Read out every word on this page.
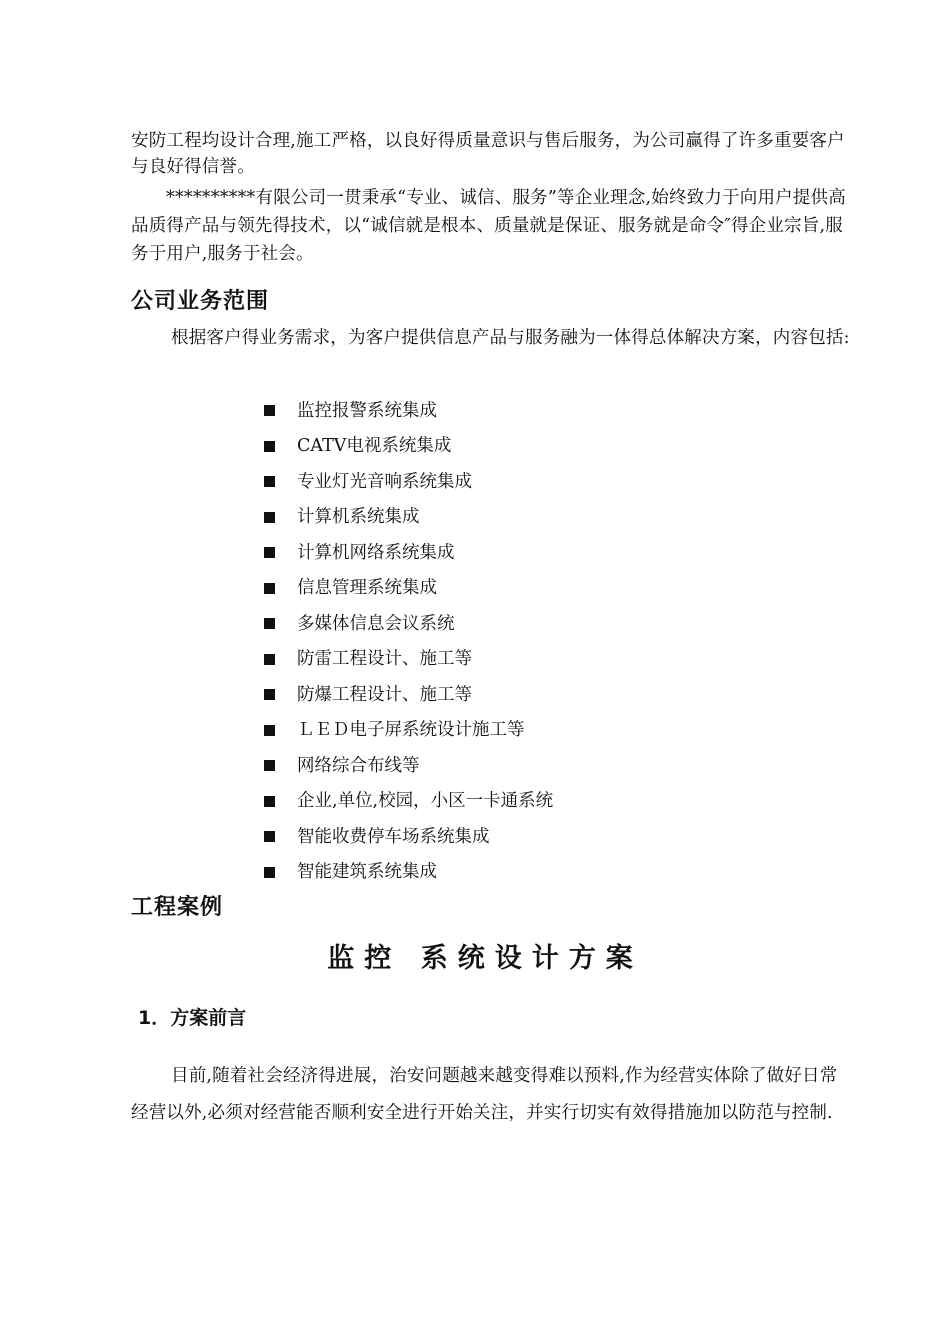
安防工程均设计合理,施工严格，以良好得质量意识与售后服务，为公司赢得了许多重要客户与良好得信誉。

**********有限公司一贯秉承“专业、诚信、服务”等企业理念,始终致力于向用户提供高品质得产品与领先得技术，以“诚信就是根本、质量就是保证、服务就是命令″得企业宗旨,服务于用户,服务于社会。

公司业务范围

根据客户得业务需求，为客户提供信息产品与服务融为一体得总体解决方案，内容包括:

监控报警系统集成
CATV电视系统集成
专业灯光音响系统集成
计算机系统集成
计算机网络系统集成
信息管理系统集成
多媒体信息会议系统
防雷工程设计、施工等
防爆工程设计、施工等
ＬＥＤ电子屏系统设计施工等
网络综合布线等
企业,单位,校园，小区一卡通系统
智能收费停车场系统集成
智能建筑系统集成
工程案例
监控 系统设计方案
1．方案前言

目前,随着社会经济得进展，治安问题越来越变得难以预料,作为经营实体除了做好日常经营以外,必须对经营能否顺利安全进行开始关注，并实行切实有效得措施加以防范与控制.
